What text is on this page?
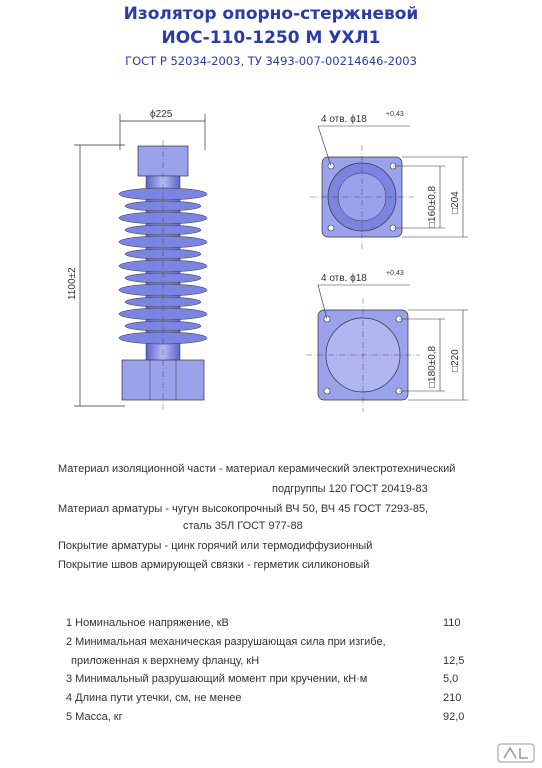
Изолятор опорно-стержневой
ИОС-110-1250 М УХЛ1
ГОСТ Р 52034-2003, ТУ 3493-007-00214646-2003
ϕ225
1100±2
4 отв. ϕ18	+0,43
□160±0,8 □204
4 отв. ϕ18	+0,43
□180±0,8 □220
Материал изоляционной части - материал керамический электротехнический
подгруппы 120 ГОСТ 20419-83
Материал арматуры - чугун высокопрочный ВЧ 50, ВЧ 45 ГОСТ 7293-85,
сталь 35Л ГОСТ 977-88
Покрытие арматуры - цинк горячий или термодиффузионный
Покрытие швов армирующей связки - герметик силиконовый
1 Номинальное напряжение, кВ	110
2 Минимальная механическая разрушающая сила при изгибе,
приложенная к верхнему фланцу, кН	12,5
3 Минимальный разрушающий момент при кручении, кН·м	5,0
4 Длина пути утечки, см, не менее	210
5 Масса, кг	92,0
